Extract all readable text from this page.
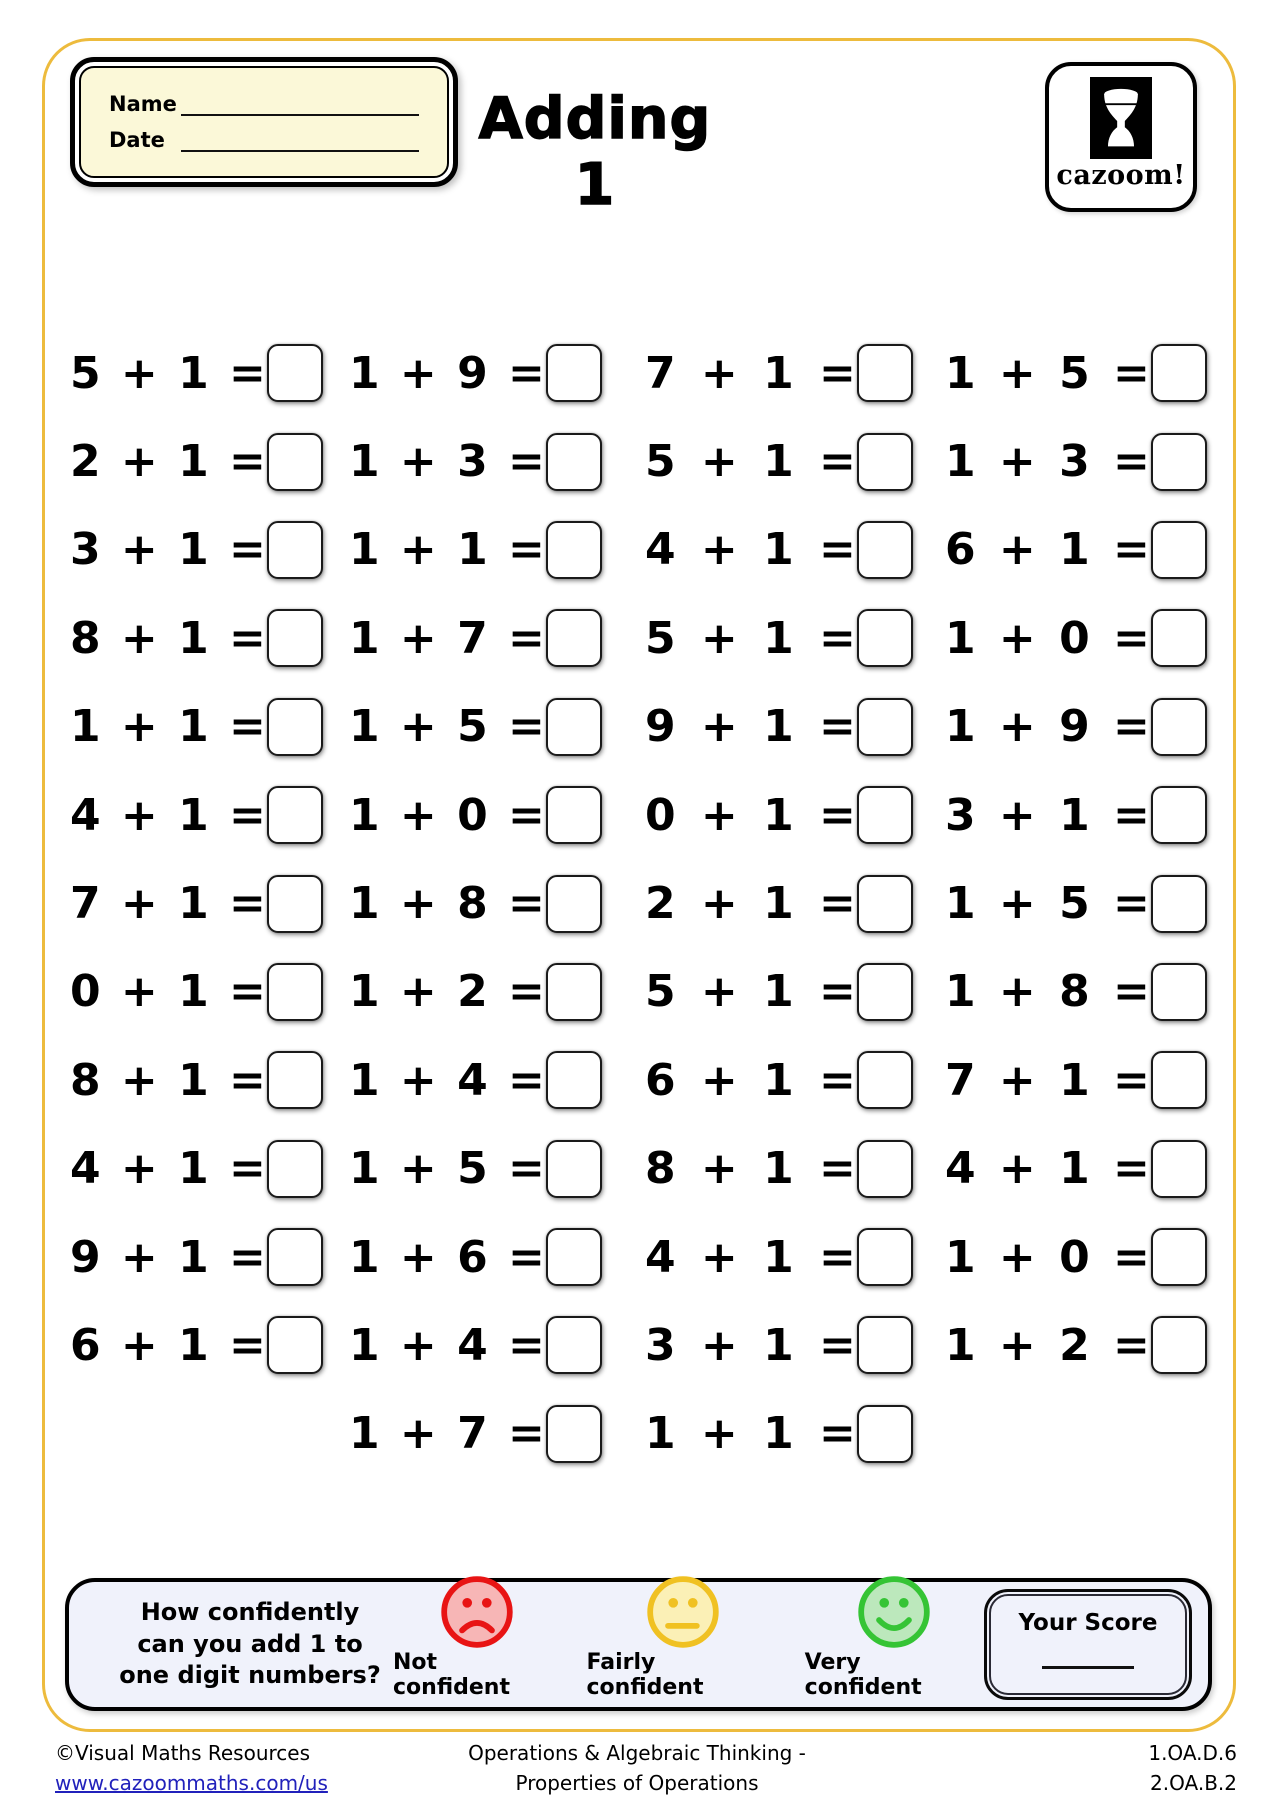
Name
Date	Adding 1	cazoom!
5 + 1 =
2 + 1 =
3 + 1 =
8 + 1 =
1 + 1 =
4 + 1 =
7 + 1 =
0 + 1 =
8 + 1 =
4 + 1 =
9 + 1 =
6 + 1 =
1 + 9 =
1 + 3 =
1 + 1 =
1 + 7 =
1 + 5 =
1 + 0 =
1 + 8 =
1 + 2 =
1 + 4 =
1 + 5 =
1 + 6 =
1 + 4 =
1 + 7 =
7 + 1 =
5 + 1 =
4 + 1 =
5 + 1 =
9 + 1 =
0 + 1 =
2 + 1 =
5 + 1 =
6 + 1 =
8 + 1 =
4 + 1 =
3 + 1 =
1 + 1 =
1 + 5 =
1 + 3 =
6 + 1 =
1 + 0 =
1 + 9 =
3 + 1 =
1 + 5 =
1 + 8 =
7 + 1 =
4 + 1 =
1 + 0 =
1 + 2 =
How confidently
can you add 1 to
one digit numbers? Not confident
Fairly confident
Very confident
Your Score
©Visual Maths Resources
www.cazoommaths.com/us
Operations & Algebraic Thinking -
Properties of Operations
1.OA.D.6
2.OA.B.2
